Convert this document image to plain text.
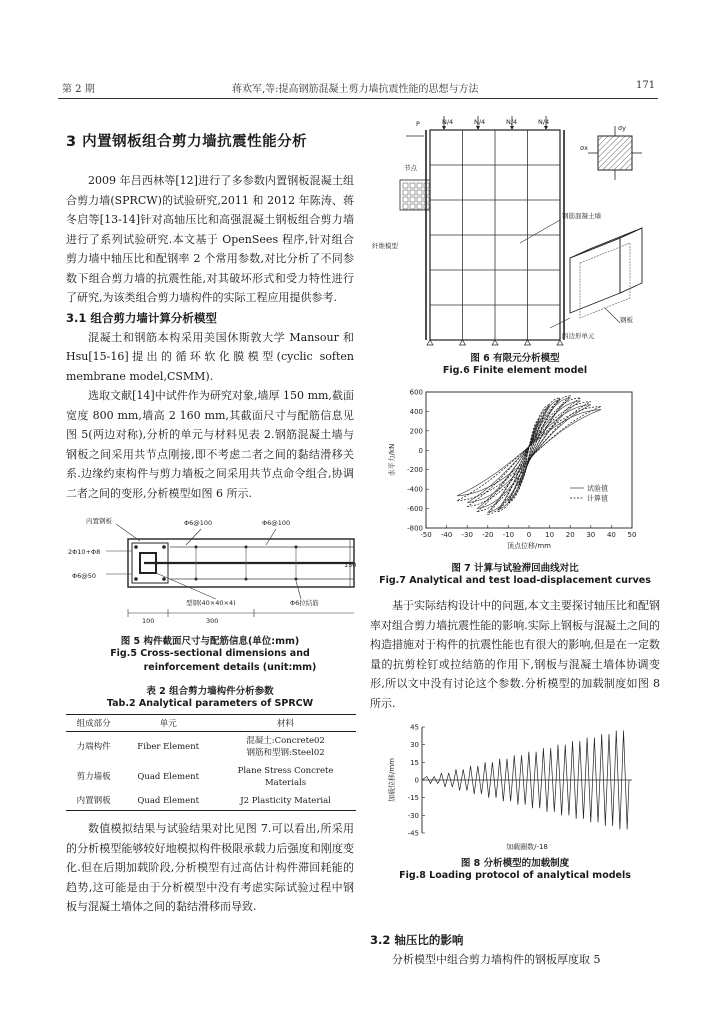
第 2 期	蒋欢军,等:提高钢筋混凝土剪力墙抗震性能的思想与方法	171
3 内置钢板组合剪力墙抗震性能分析
2009 年吕西林等[12]进行了多参数内置钢板混凝土组合剪力墙(SPRCW)的试验研究,2011 和 2012 年陈涛、蒋冬启等[13-14]针对高轴压比和高强混凝土钢板组合剪力墙进行了系列试验研究.本文基于 OpenSees 程序,针对组合剪力墙中轴压比和配钢率 2 个常用参数,对比分析了不同参数下组合剪力墙的抗震性能,对其破坏形式和受力特性进行了研究,为该类组合剪力墙构件的实际工程应用提供参考.
3.1 组合剪力墙计算分析模型
混凝土和钢筋本构采用美国休斯敦大学 Mansour 和 Hsu[15-16]提出的循环软化膜模型(cyclic soften membrane model,CSMM).
选取文献[14]中试件作为研究对象,墙厚 150 mm,截面宽度 800 mm,墙高 2 160 mm,其截面尺寸与配筋信息见图 5(两边对称),分析的单元与材料见表 2.钢筋混凝土墙与钢板之间采用共节点刚接,即不考虑二者之间的黏结滑移关系.边缘约束构件与剪力墙板之间采用共节点命令组合,协调二者之间的变形,分析模型如图 6 所示.
内置钢板	Φ6@100	Φ6@100
2Φ10+Φ8
Φ6@50
型钢(40×40×4)	Φ6拉结筋
150
100	300
图 5 构件截面尺寸与配筋信息(单位:mm)
Fig.5 Cross-sectional dimensions and
reinforcement details (unit:mm)
表 2 组合剪力墙构件分析参数
Tab.2 Analytical parameters of SPRCW
组成部分	单元	材料
力端构件	Fiber Element	混凝土:Concrete02
钢筋和型钢:Steel02

剪力墙板	Quad Element	Plane Stress Concrete
Materials

内置钢板	Quad Element	J2 Plasticity Material
数值模拟结果与试验结果对比见图 7.可以看出,所采用的分析模型能够较好地模拟构件极限承载力后强度和刚度变化.但在后期加载阶段,分析模型有过高估计构件滞回耗能的趋势,这可能是由于分析模型中没有考虑实际试验过程中钢板与混凝土墙体之间的黏结滑移而导致.
σy
σx
钢筋混凝土墙
钢板
四边形单元
节点
纤维模型
P	N/4	N/4	N/4	N/4
图 6 有限元分析模型
Fig.6 Finite element model
-50 -40 -30 -20 -10 0 10 20 30 40 50
600
400
200
0
-200
-400
-600
-800
顶点位移/mm
水平力/kN
试验值
计算值
图 7 计算与试验滞回曲线对比
Fig.7 Analytical and test load-displacement curves
基于实际结构设计中的问题,本文主要探讨轴压比和配钢率对组合剪力墙抗震性能的影响.实际上钢板与混凝土之间的构造措施对于构件的抗震性能也有很大的影响,但是在一定数量的抗剪栓钉或拉结筋的作用下,钢板与混凝土墙体协调变形,所以文中没有讨论这个参数.分析模型的加载制度如图 8 所示.
45
30
15
0
-15
-30
-45
加载位移/mm
加载圈数/-18
图 8 分析模型的加载制度
Fig.8 Loading protocol of analytical models
3.2 轴压比的影响
分析模型中组合剪力墙构件的钢板厚度取 5
